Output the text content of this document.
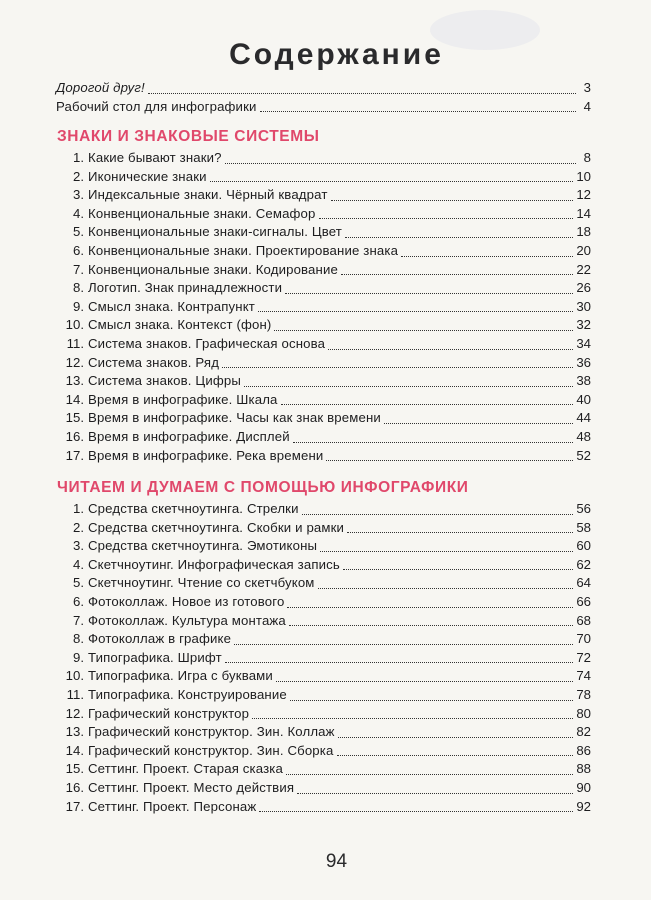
Содержание
Дорогой друг!	3
Рабочий стол для инфографики	4
ЗНАКИ И ЗНАКОВЫЕ СИСТЕМЫ
1. Какие бывают знаки?	8
2. Иконические знаки	10
3. Индексальные знаки. Чёрный квадрат	12
4. Конвенциональные знаки. Семафор	14
5. Конвенциональные знаки-сигналы. Цвет	18
6. Конвенциональные знаки. Проектирование знака	20
7. Конвенциональные знаки. Кодирование	22
8. Логотип. Знак принадлежности	26
9. Смысл знака. Контрапункт	30
10. Смысл знака. Контекст (фон)	32
11. Система знаков. Графическая основа	34
12. Система знаков. Ряд	36
13. Система знаков. Цифры	38
14. Время в инфографике. Шкала	40
15. Время в инфографике. Часы как знак времени	44
16. Время в инфографике. Дисплей	48
17. Время в инфографике. Река времени	52
ЧИТАЕМ И ДУМАЕМ С ПОМОЩЬЮ ИНФОГРАФИКИ
1. Средства скетчноутинга. Стрелки	56
2. Средства скетчноутинга. Скобки и рамки	58
3. Средства скетчноутинга. Эмотиконы	60
4. Скетчноутинг. Инфографическая запись	62
5. Скетчноутинг. Чтение со скетчбуком	64
6. Фотоколлаж. Новое из готового	66
7. Фотоколлаж. Культура монтажа	68
8. Фотоколлаж в графике	70
9. Типографика. Шрифт	72
10. Типографика. Игра с буквами	74
11. Типографика. Конструирование	78
12. Графический конструктор	80
13. Графический конструктор. Зин. Коллаж	82
14. Графический конструктор. Зин. Сборка	86
15. Сеттинг. Проект. Старая сказка	88
16. Сеттинг. Проект. Место действия	90
17. Сеттинг. Проект. Персонаж	92
94
